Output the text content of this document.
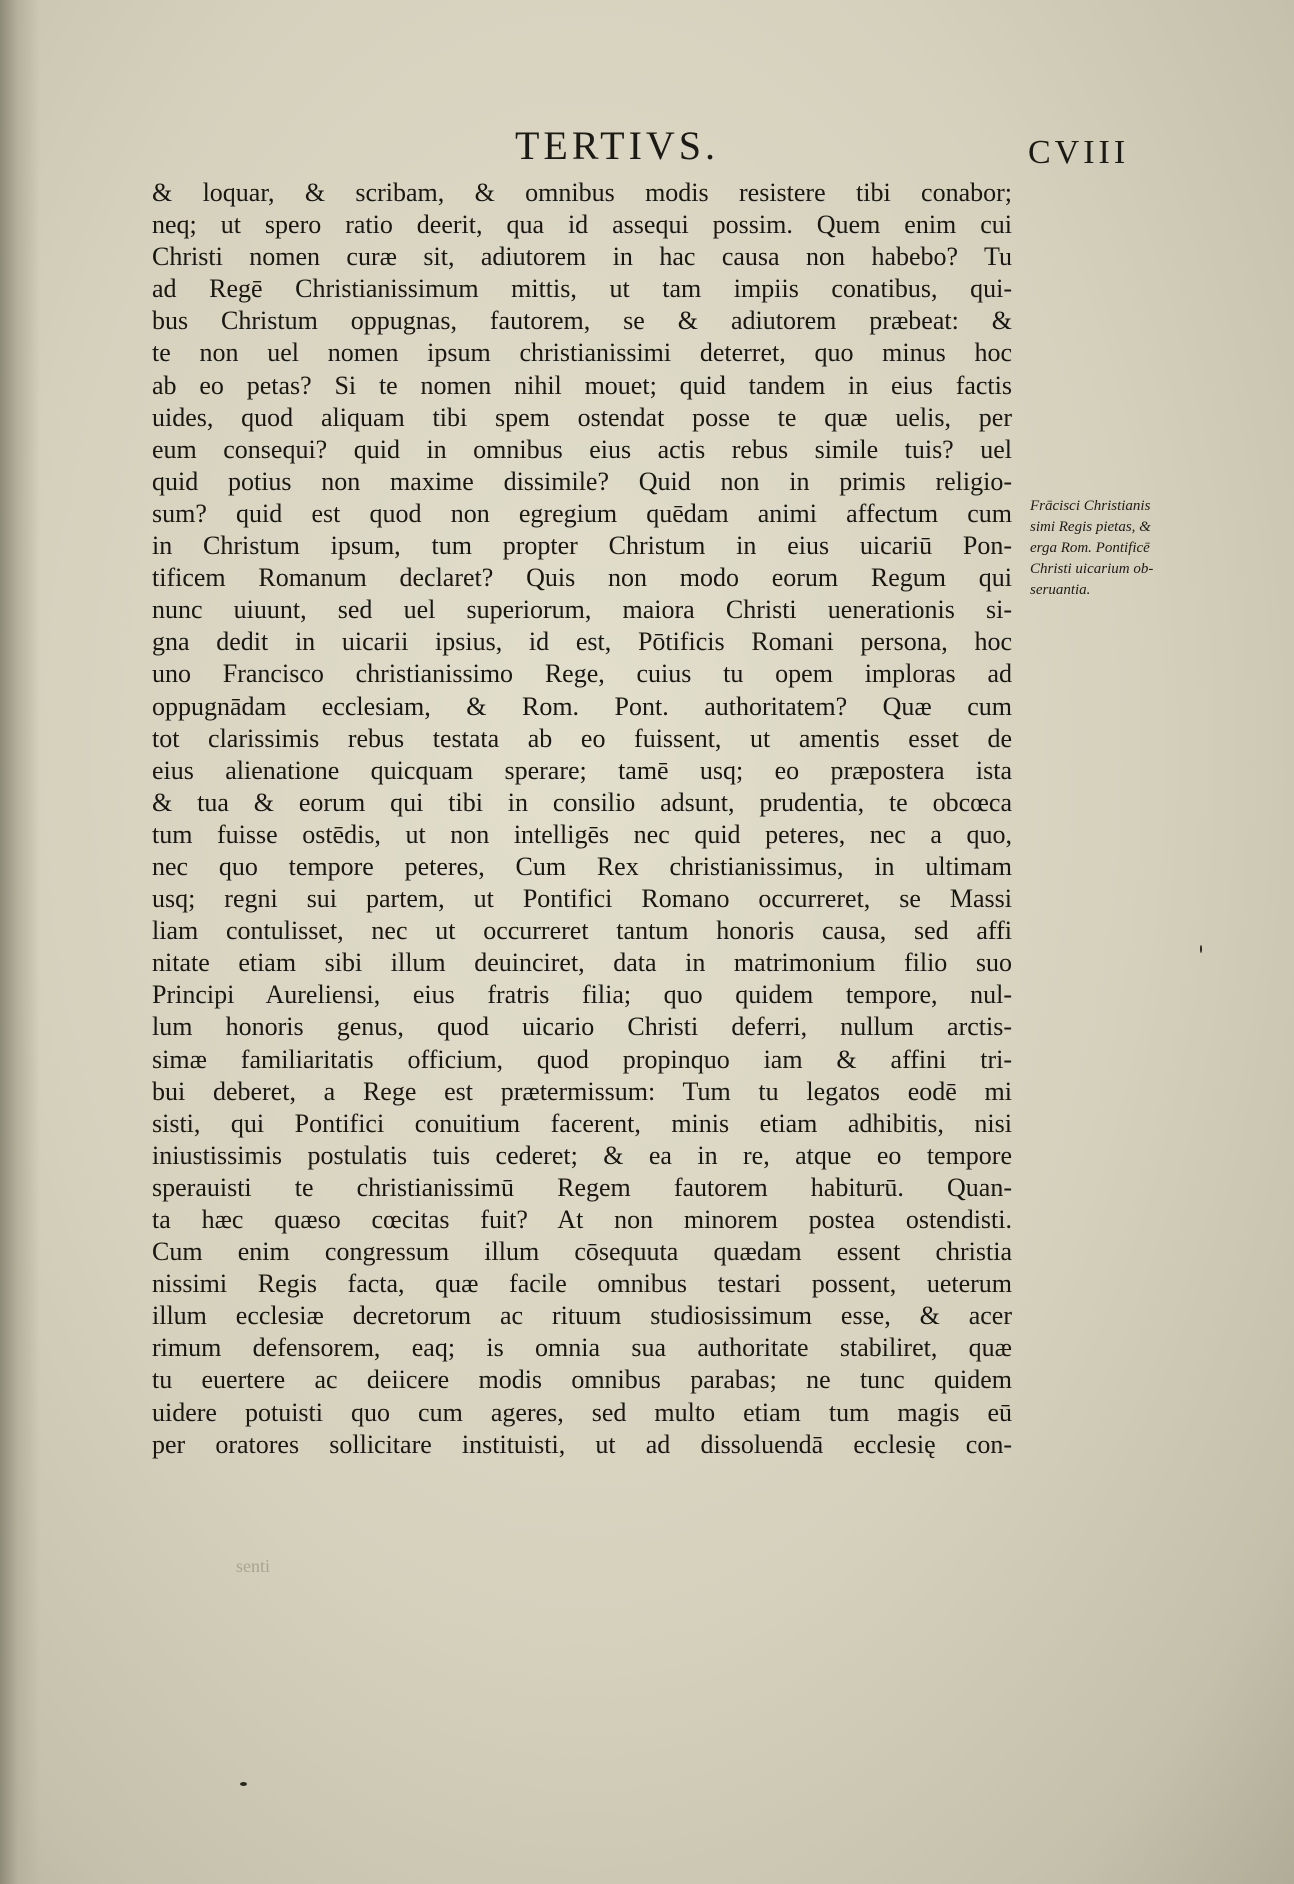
TERTIVS.	CVIII
& loquar, & scribam, & omnibus modis resistere tibi conabor;
neq; ut spero ratio deerit, qua id assequi possim. Quem enim cui
Christi nomen curæ sit, adiutorem in hac causa non habebo? Tu
ad Regē Christianissimum mittis, ut tam impiis conatibus, qui-
bus Christum oppugnas, fautorem, se & adiutorem præbeat: &
te non uel nomen ipsum christianissimi deterret, quo minus hoc
ab eo petas? Si te nomen nihil mouet; quid tandem in eius factis
uides, quod aliquam tibi spem ostendat posse te quæ uelis, per
eum consequi? quid in omnibus eius actis rebus simile tuis? uel
quid potius non maxime dissimile? Quid non in primis religio-
sum? quid est quod non egregium quēdam animi affectum cum
in Christum ipsum, tum propter Christum in eius uicariū Pon-
tificem Romanum declaret? Quis non modo eorum Regum qui
nunc uiuunt, sed uel superiorum, maiora Christi uenerationis si-
gna dedit in uicarii ipsius, id est, Pōtificis Romani persona, hoc
uno Francisco christianissimo Rege, cuius tu opem imploras ad
oppugnādam ecclesiam, & Rom. Pont. authoritatem? Quæ cum
tot clarissimis rebus testata ab eo fuissent, ut amentis esset de
eius alienatione quicquam sperare; tamē usq; eo præpostera ista
& tua & eorum qui tibi in consilio adsunt, prudentia, te obcœca
tum fuisse ostēdis, ut non intelligēs nec quid peteres, nec a quo,
nec quo tempore peteres, Cum Rex christianissimus, in ultimam
usq; regni sui partem, ut Pontifici Romano occurreret, se Massi
liam contulisset, nec ut occurreret tantum honoris causa, sed affi
nitate etiam sibi illum deuinciret, data in matrimonium filio suo
Principi Aureliensi, eius fratris filia; quo quidem tempore, nul-
lum honoris genus, quod uicario Christi deferri, nullum arctis-
simæ familiaritatis officium, quod propinquo iam & affini tri-
bui deberet, a Rege est prætermissum: Tum tu legatos eodē mi
sisti, qui Pontifici conuitium facerent, minis etiam adhibitis, nisi
iniustissimis postulatis tuis cederet; & ea in re, atque eo tempore
sperauisti te christianissimū Regem fautorem habiturū. Quan-
ta hæc quæso cœcitas fuit? At non minorem postea ostendisti.
Cum enim congressum illum cōsequuta quædam essent christia
nissimi Regis facta, quæ facile omnibus testari possent, ueterum
illum ecclesiæ decretorum ac rituum studiosissimum esse, & acer
rimum defensorem, eaq; is omnia sua authoritate stabiliret, quæ
tu euertere ac deiicere modis omnibus parabas; ne tunc quidem
uidere potuisti quo cum ageres, sed multo etiam tum magis eū
per oratores sollicitare instituisti, ut ad dissoluendā ecclesię con-
Frācisci Christianis
simi Regis pietas, &
erga Rom. Pontificē
Christi uicarium ob-
seruantia.
senti
